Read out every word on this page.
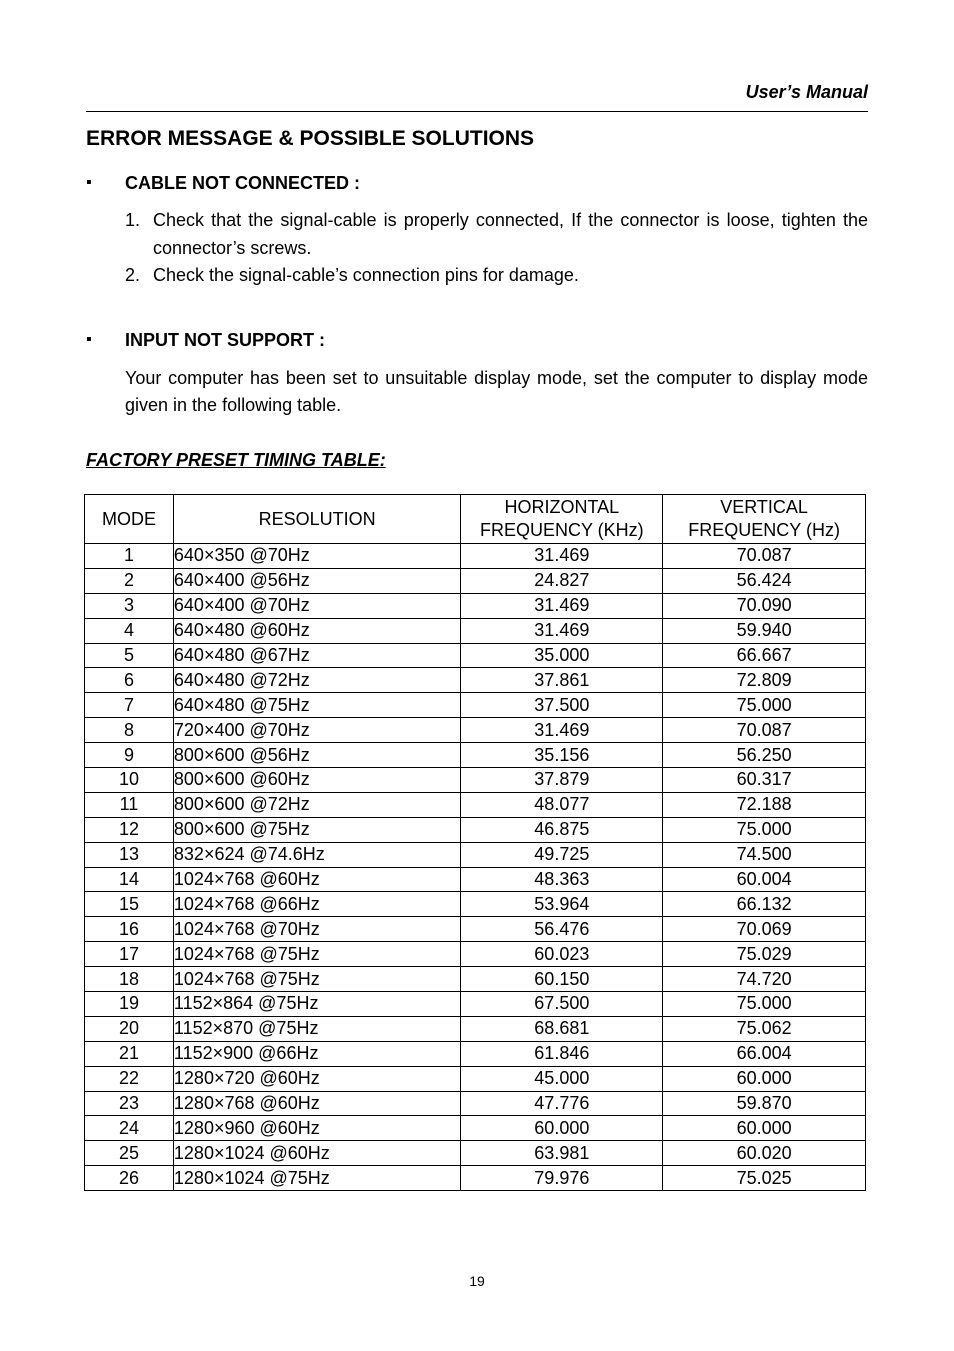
User’s Manual
ERROR MESSAGE & POSSIBLE SOLUTIONS
▪ CABLE NOT CONNECTED :
1. Check that the signal-cable is properly connected, If the connector is loose, tighten the connector’s screws.
2. Check the signal-cable’s connection pins for damage.
▪ INPUT NOT SUPPORT :
Your computer has been set to unsuitable display mode, set the computer to display mode given in the following table.
FACTORY PRESET TIMING TABLE:
MODE	RESOLUTION	HORIZONTAL FREQUENCY (KHz)	VERTICAL FREQUENCY (Hz)
1	640×350 @70Hz	31.469	70.087
2	640×400 @56Hz	24.827	56.424
3	640×400 @70Hz	31.469	70.090
4	640×480 @60Hz	31.469	59.940
5	640×480 @67Hz	35.000	66.667
6	640×480 @72Hz	37.861	72.809
7	640×480 @75Hz	37.500	75.000
8	720×400 @70Hz	31.469	70.087
9	800×600 @56Hz	35.156	56.250
10	800×600 @60Hz	37.879	60.317
11	800×600 @72Hz	48.077	72.188
12	800×600 @75Hz	46.875	75.000
13	832×624 @74.6Hz	49.725	74.500
14	1024×768 @60Hz	48.363	60.004
15	1024×768 @66Hz	53.964	66.132
16	1024×768 @70Hz	56.476	70.069
17	1024×768 @75Hz	60.023	75.029
18	1024×768 @75Hz	60.150	74.720
19	1152×864 @75Hz	67.500	75.000
20	1152×870 @75Hz	68.681	75.062
21	1152×900 @66Hz	61.846	66.004
22	1280×720 @60Hz	45.000	60.000
23	1280×768 @60Hz	47.776	59.870
24	1280×960 @60Hz	60.000	60.000
25	1280×1024 @60Hz	63.981	60.020
26	1280×1024 @75Hz	79.976	75.025
19
